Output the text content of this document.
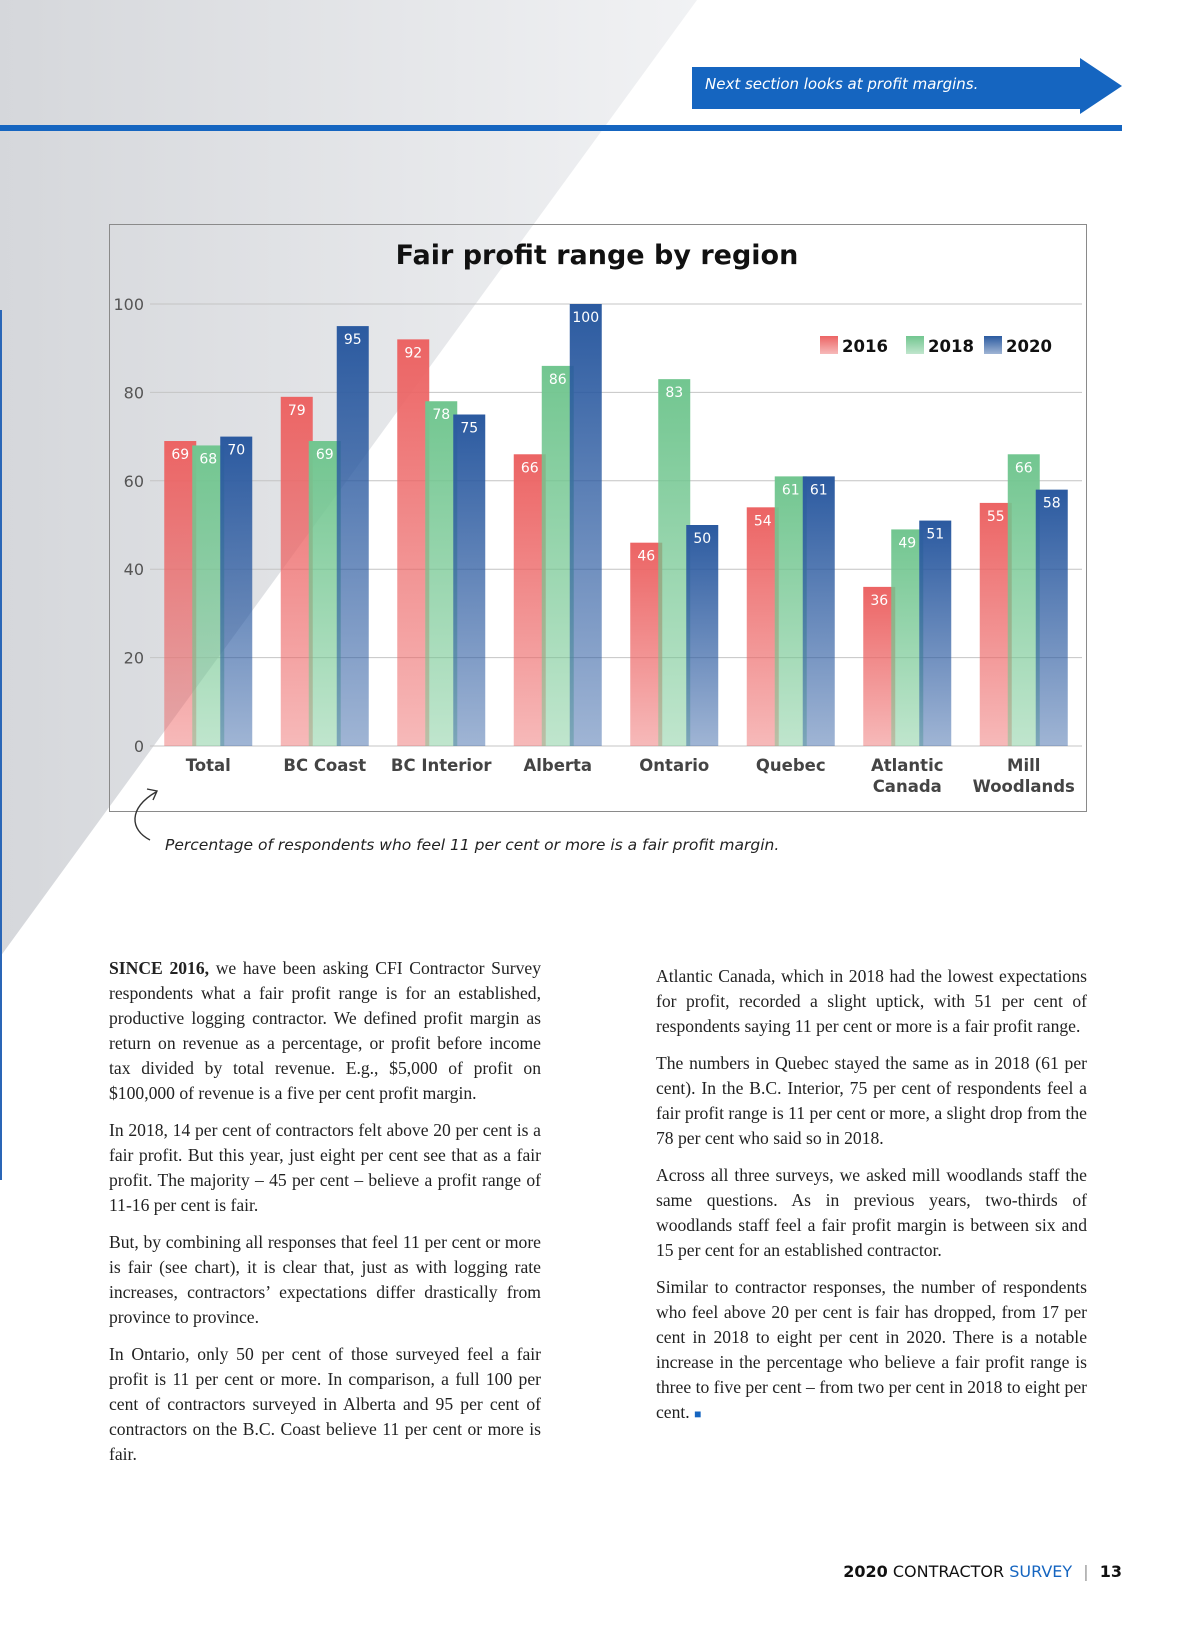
Next section looks at profit margins.
Fair profit range by region
0
20
40
60
80
100
69 68
70
Total
79
69
95
BC Coast
92
78
75
BC Interior
66
86
100
Alberta
46
83
50
Ontario
54
61 61
Quebec
36
49
51
Atlantic
Canada
55
66
58
Mill
Woodlands
2016 2018 2020
Percentage of respondents who feel 11 per cent or more is a fair profit margin.

SINCE 2016, we have been asking CFI Contractor Survey respondents what a fair profit range is for an established, productive logging contractor. We defined profit margin as return on revenue as a percentage, or profit before income tax divided by total revenue. E.g., $5,000 of profit on $100,000 of revenue is a five per cent profit margin.

In 2018, 14 per cent of contractors felt above 20 per cent is a fair profit. But this year, just eight per cent see that as a fair profit. The majority – 45 per cent – believe a profit range of 11-16 per cent is fair.

But, by combining all responses that feel 11 per cent or more is fair (see chart), it is clear that, just as with logging rate increases, contractors’ expectations differ drastically from province to province.

In Ontario, only 50 per cent of those surveyed feel a fair profit is 11 per cent or more. In comparison, a full 100 per cent of contractors surveyed in Alberta and 95 per cent of contractors on the B.C. Coast believe 11 per cent or more is fair.

Atlantic Canada, which in 2018 had the lowest expectations for profit, recorded a slight uptick, with 51 per cent of respondents saying 11 per cent or more is a fair profit range.

The numbers in Quebec stayed the same as in 2018 (61 per cent). In the B.C. Interior, 75 per cent of respondents feel a fair profit range is 11 per cent or more, a slight drop from the 78 per cent who said so in 2018.

Across all three surveys, we asked mill woodlands staff the same questions. As in previous years, two-thirds of woodlands staff feel a fair profit margin is between six and 15 per cent for an established contractor.

Similar to contractor responses, the number of respondents who feel above 20 per cent is fair has dropped, from 17 per cent in 2018 to eight per cent in 2020. There is a notable increase in the percentage who believe a fair profit range is three to five per cent – from two per cent in 2018 to eight per cent. ■

2020 CONTRACTOR SURVEY | 13
